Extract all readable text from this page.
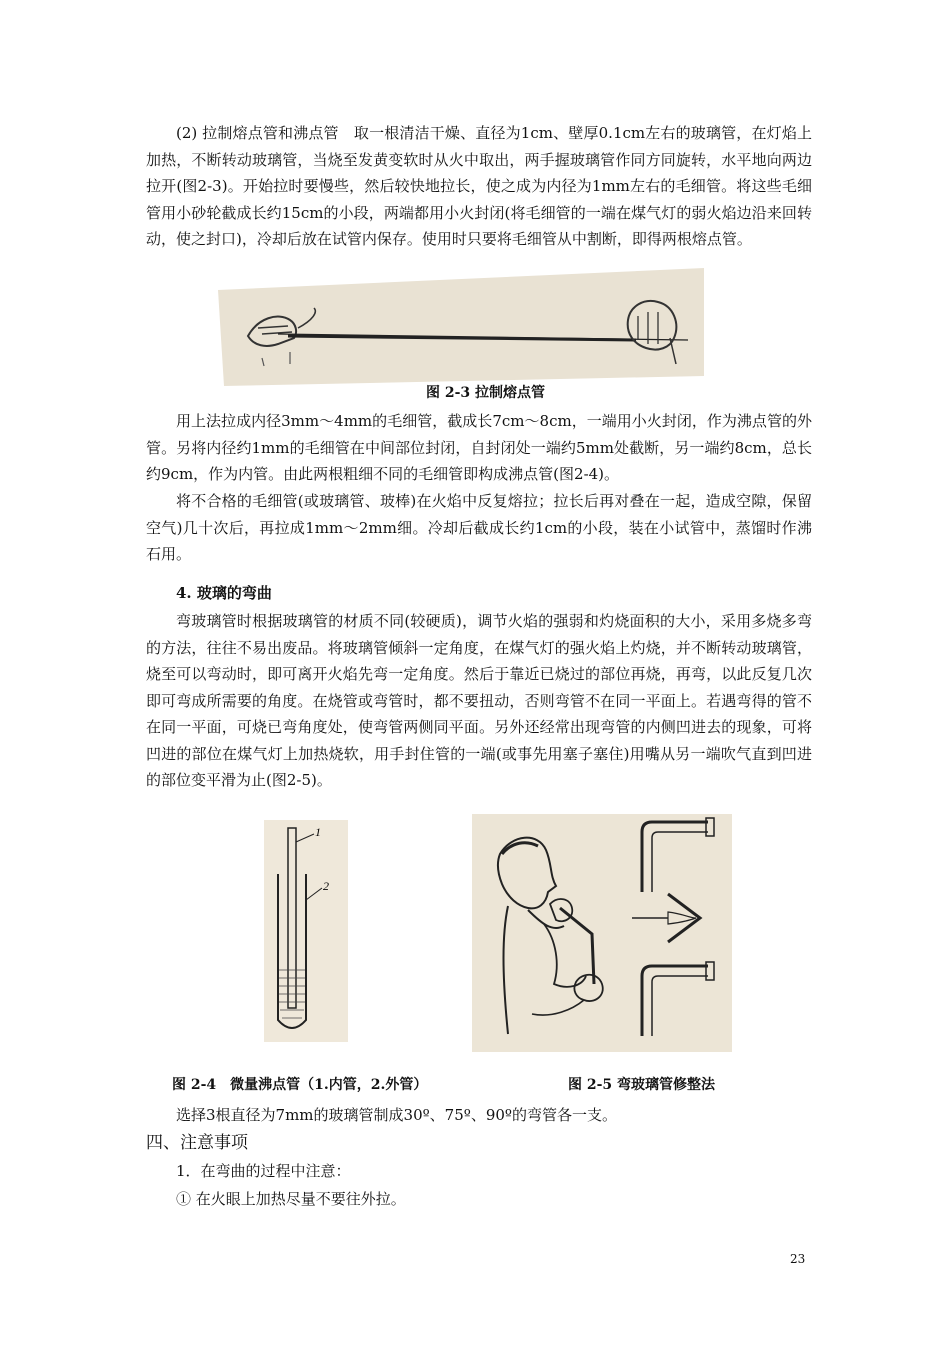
(2) 拉制熔点管和沸点管　取一根清洁干燥、直径为1cm、壁厚0.1cm左右的玻璃管，在灯焰上加热，不断转动玻璃管，当烧至发黄变软时从火中取出，两手握玻璃管作同方同旋转，水平地向两边拉开(图2-3)。开始拉时要慢些，然后较快地拉长，使之成为内径为1mm左右的毛细管。将这些毛细管用小砂轮截成长约15cm的小段，两端都用小火封闭(将毛细管的一端在煤气灯的弱火焰边沿来回转动，使之封口)，冷却后放在试管内保存。使用时只要将毛细管从中割断，即得两根熔点管。

图 2-3 拉制熔点管

用上法拉成内径3mm～4mm的毛细管，截成长7cm～8cm，一端用小火封闭，作为沸点管的外管。另将内径约1mm的毛细管在中间部位封闭，自封闭处一端约5mm处截断，另一端约8cm，总长约9cm，作为内管。由此两根粗细不同的毛细管即构成沸点管(图2-4)。

将不合格的毛细管(或玻璃管、玻棒)在火焰中反复熔拉；拉长后再对叠在一起，造成空隙，保留空气)几十次后，再拉成1mm～2mm细。冷却后截成长约1cm的小段，装在小试管中，蒸馏时作沸石用。

4. 玻璃的弯曲

弯玻璃管时根据玻璃管的材质不同(较硬质)，调节火焰的强弱和灼烧面积的大小，采用多烧多弯的方法，往往不易出废品。将玻璃管倾斜一定角度，在煤气灯的强火焰上灼烧，并不断转动玻璃管，烧至可以弯动时，即可离开火焰先弯一定角度。然后于靠近已烧过的部位再烧，再弯，以此反复几次即可弯成所需要的角度。在烧管或弯管时，都不要扭动，否则弯管不在同一平面上。若遇弯得的管不在同一平面，可烧已弯角度处，使弯管两侧同平面。另外还经常出现弯管的内侧凹进去的现象，可将凹进的部位在煤气灯上加热烧软，用手封住管的一端(或事先用塞子塞住)用嘴从另一端吹气直到凹进的部位变平滑为止(图2-5)。

1
2

图 2-4　微量沸点管（1.内管，2.外管）	图 2-5 弯玻璃管修整法

选择3根直径为7mm的玻璃管制成30º、75º、90º的弯管各一支。

四、注意事项

1．在弯曲的过程中注意：

① 在火眼上加热尽量不要往外拉。

23
